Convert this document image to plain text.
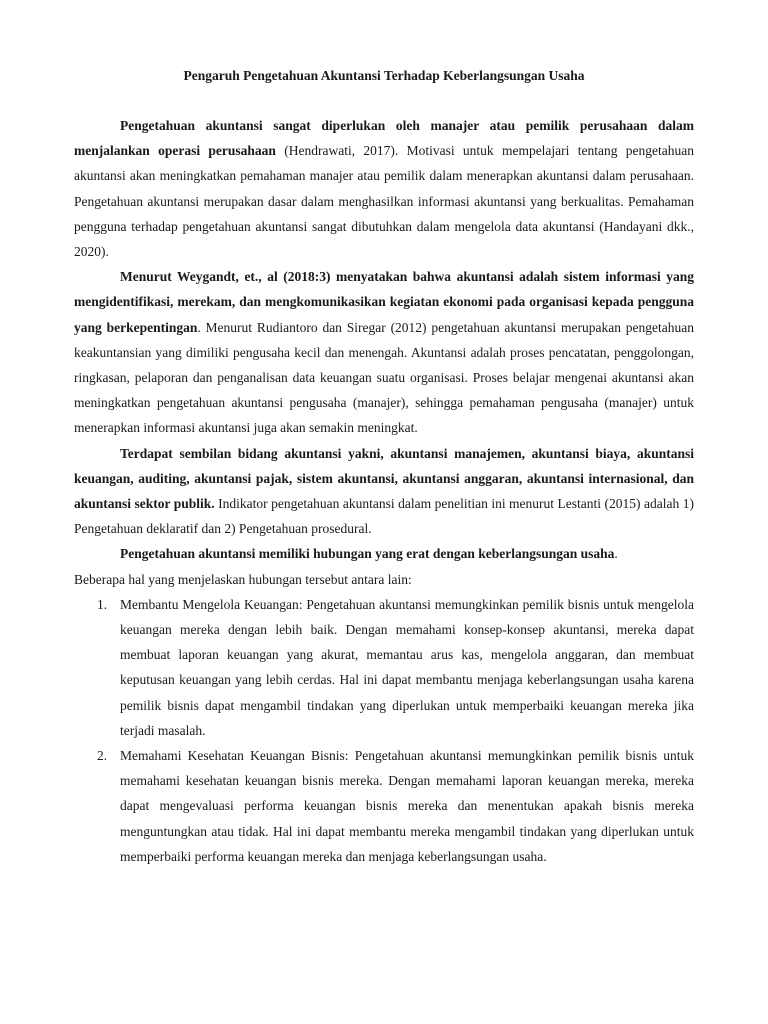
Pengaruh Pengetahuan Akuntansi Terhadap Keberlangsungan Usaha

Pengetahuan akuntansi sangat diperlukan oleh manajer atau pemilik perusahaan dalam menjalankan operasi perusahaan (Hendrawati, 2017). Motivasi untuk mempelajari tentang pengetahuan akuntansi akan meningkatkan pemahaman manajer atau pemilik dalam menerapkan akuntansi dalam perusahaan. Pengetahuan akuntansi merupakan dasar dalam menghasilkan informasi akuntansi yang berkualitas. Pemahaman pengguna terhadap pengetahuan akuntansi sangat dibutuhkan dalam mengelola data akuntansi (Handayani dkk., 2020).

Menurut Weygandt, et., al (2018:3) menyatakan bahwa akuntansi adalah sistem informasi yang mengidentifikasi, merekam, dan mengkomunikasikan kegiatan ekonomi pada organisasi kepada pengguna yang berkepentingan. Menurut Rudiantoro dan Siregar (2012) pengetahuan akuntansi merupakan pengetahuan keakuntansian yang dimiliki pengusaha kecil dan menengah. Akuntansi adalah proses pencatatan, penggolongan, ringkasan, pelaporan dan penganalisan data keuangan suatu organisasi. Proses belajar mengenai akuntansi akan meningkatkan pengetahuan akuntansi pengusaha (manajer), sehingga pemahaman pengusaha (manajer) untuk menerapkan informasi akuntansi juga akan semakin meningkat.

Terdapat sembilan bidang akuntansi yakni, akuntansi manajemen, akuntansi biaya, akuntansi keuangan, auditing, akuntansi pajak, sistem akuntansi, akuntansi anggaran, akuntansi internasional, dan akuntansi sektor publik. Indikator pengetahuan akuntansi dalam penelitian ini menurut Lestanti (2015) adalah 1) Pengetahuan deklaratif dan 2) Pengetahuan prosedural.

Pengetahuan akuntansi memiliki hubungan yang erat dengan keberlangsungan usaha.

Beberapa hal yang menjelaskan hubungan tersebut antara lain:

1. Membantu Mengelola Keuangan: Pengetahuan akuntansi memungkinkan pemilik bisnis untuk mengelola keuangan mereka dengan lebih baik. Dengan memahami konsep-konsep akuntansi, mereka dapat membuat laporan keuangan yang akurat, memantau arus kas, mengelola anggaran, dan membuat keputusan keuangan yang lebih cerdas. Hal ini dapat membantu menjaga keberlangsungan usaha karena pemilik bisnis dapat mengambil tindakan yang diperlukan untuk memperbaiki keuangan mereka jika terjadi masalah.
2. Memahami Kesehatan Keuangan Bisnis: Pengetahuan akuntansi memungkinkan pemilik bisnis untuk memahami kesehatan keuangan bisnis mereka. Dengan memahami laporan keuangan mereka, mereka dapat mengevaluasi performa keuangan bisnis mereka dan menentukan apakah bisnis mereka menguntungkan atau tidak. Hal ini dapat membantu mereka mengambil tindakan yang diperlukan untuk memperbaiki performa keuangan mereka dan menjaga keberlangsungan usaha.
